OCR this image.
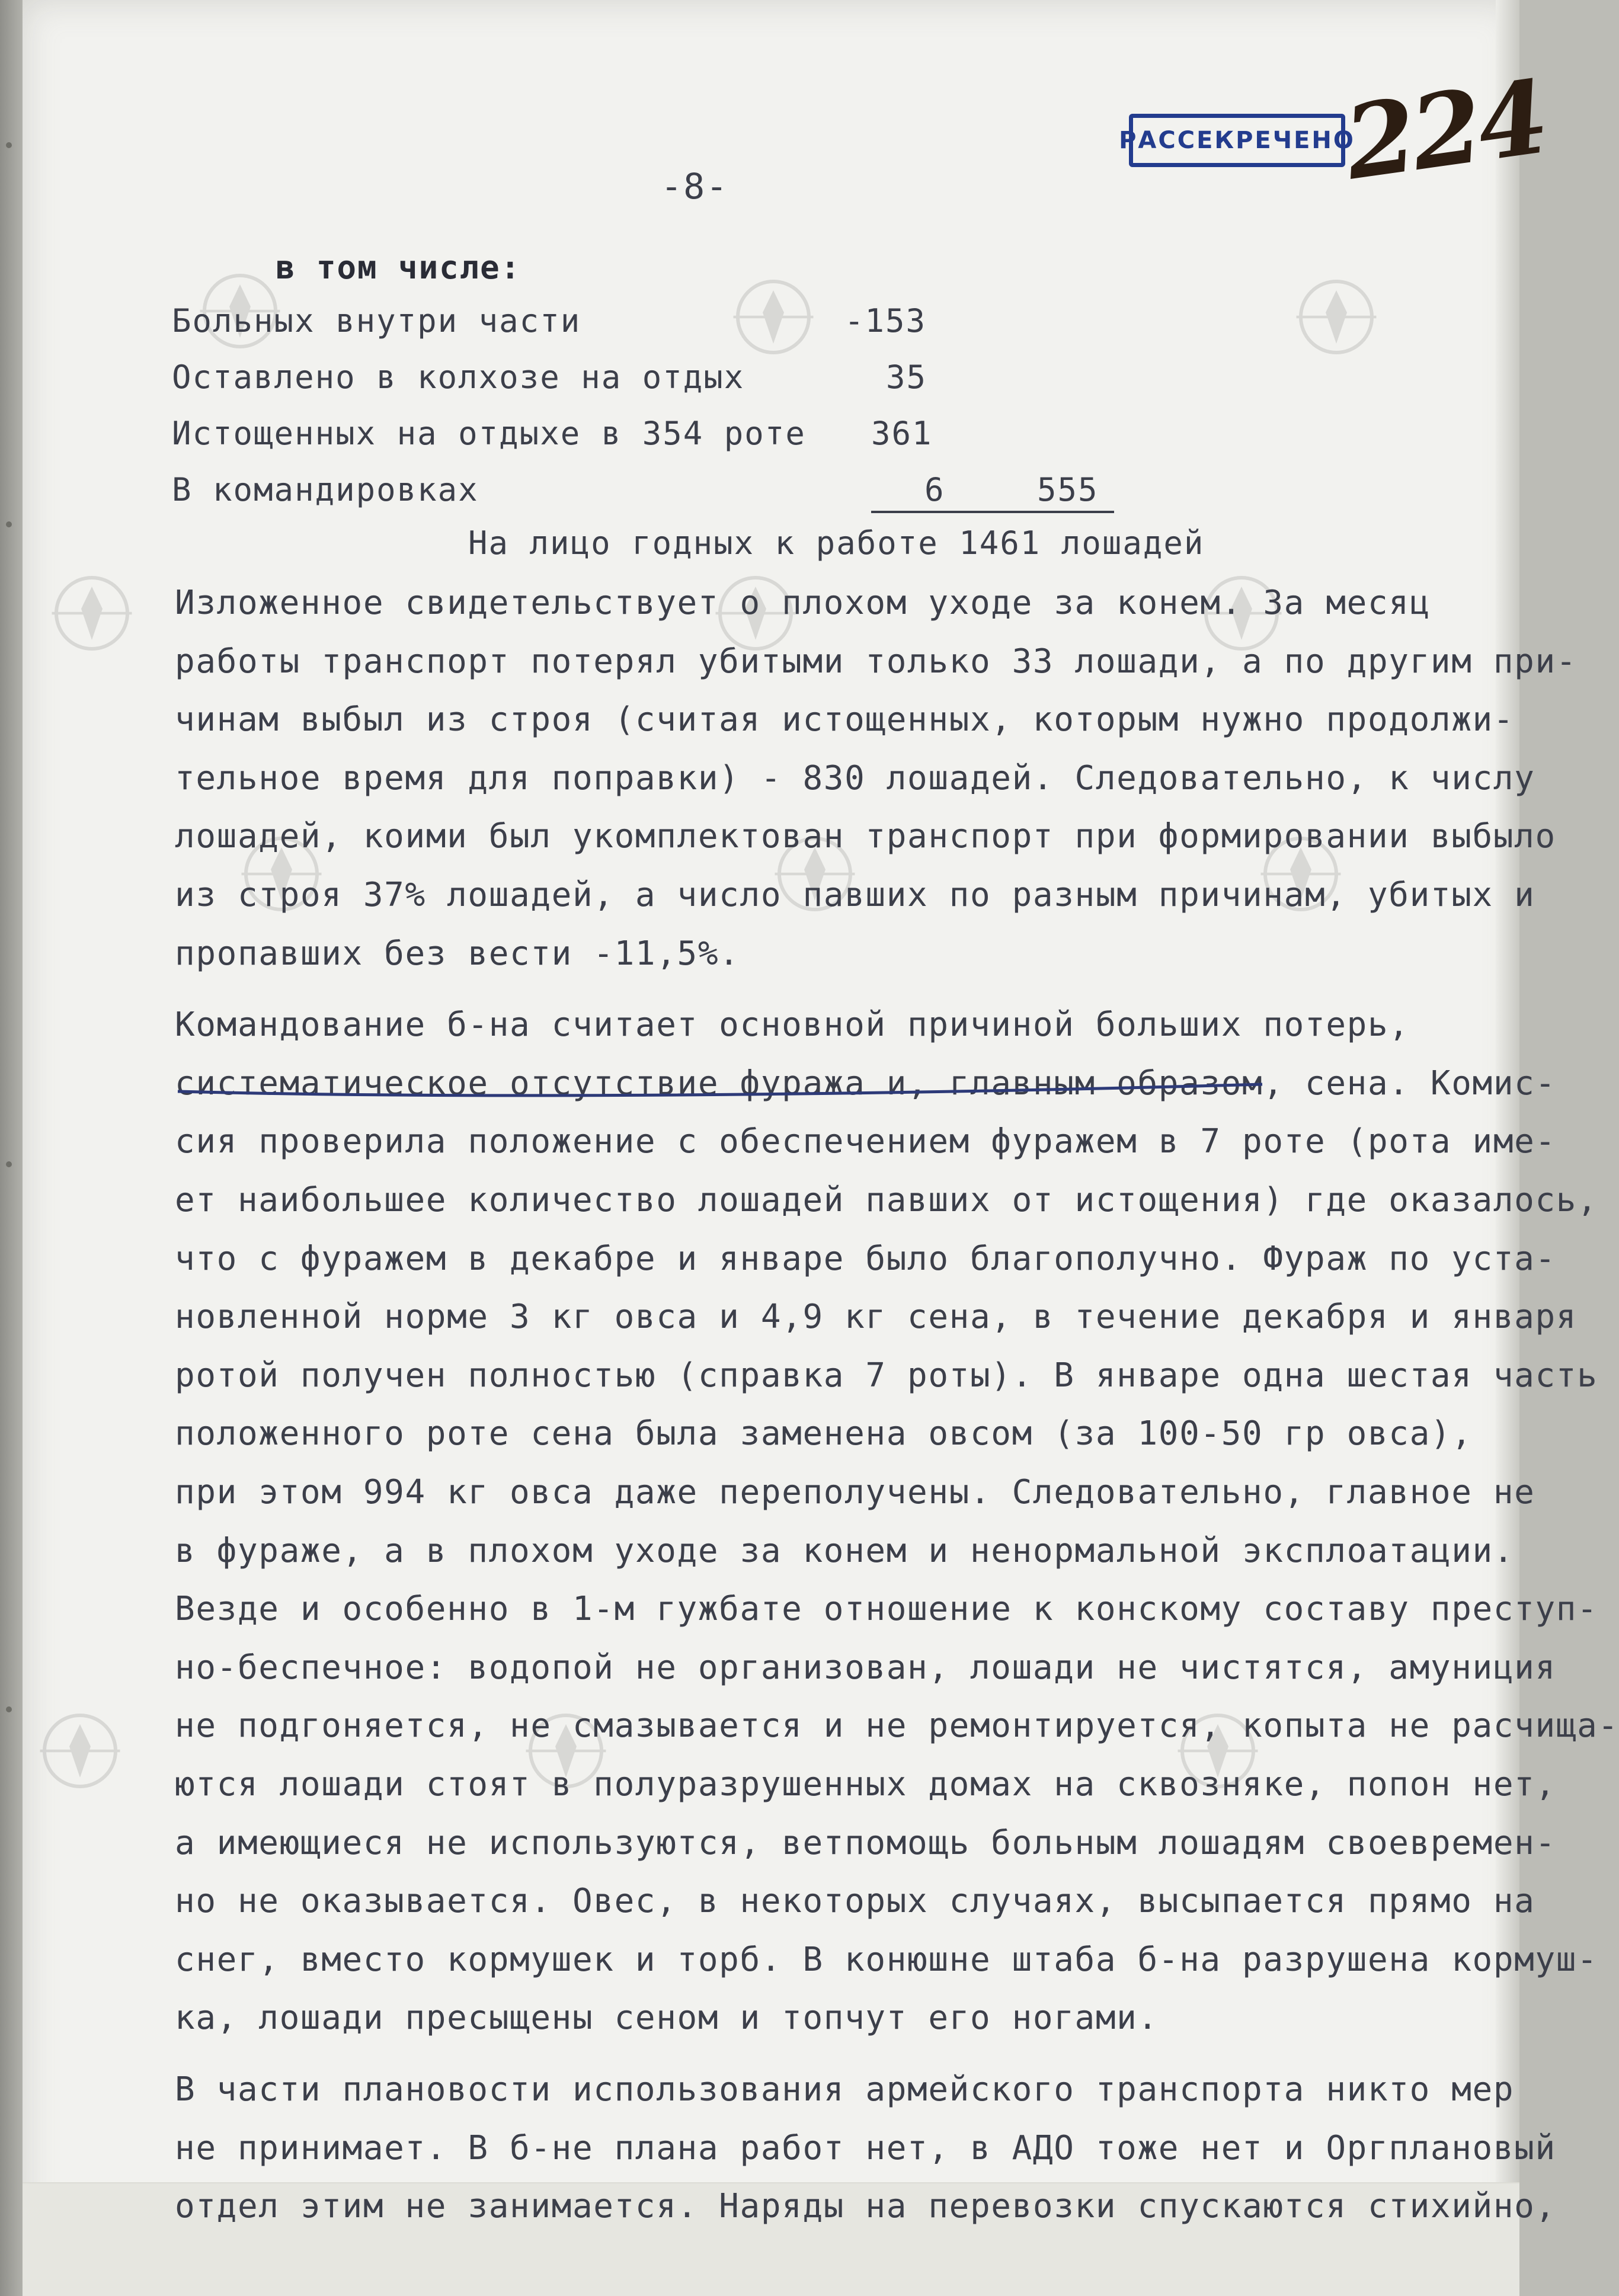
-8-
РАССЕКРЕЧЕНО
224
в том числе:
Больных внутри части	-153
Оставлено в колхозе на отдых	35
Истощенных на отдыхе в 354 роте 361
В командировках	6	555
На лицо годных к работе 1461 лошадей
Изложенное свидетельствует о плохом уходе за конем. За месяц
работы транспорт потерял убитыми только 33 лошади, а по другим при-
чинам выбыл из строя (считая истощенных, которым нужно продолжи-
тельное время для поправки) - 830 лошадей. Следовательно, к числу
лошадей, коими был укомплектован транспорт при формировании выбыло
из строя 37% лошадей, а число павших по разным причинам, убитых и
пропавших без вести -11,5%.
Командование б-на считает основной причиной больших потерь,
систематическое отсутствие фуража и, главным образом, сена. Комис-
сия проверила положение с обеспечением фуражем в 7 роте (рота име-
ет наибольшее количество лошадей павших от истощения) где оказалось,
что с фуражем в декабре и январе было благополучно. Фураж по уста-
новленной норме 3 кг овса и 4,9 кг сена, в течение декабря и января
ротой получен полностью (справка 7 роты). В январе одна шестая часть
положенного роте сена была заменена овсом (за 100-50 гр овса),
при этом 994 кг овса даже переполучены. Следовательно, главное не
в фураже, а в плохом уходе за конем и ненормальной эксплоатации.
Везде и особенно в 1-м гужбате отношение к конскому составу преступ-
но-беспечное: водопой не организован, лошади не чистятся, амуниция
не подгоняется, не смазывается и не ремонтируется, копыта не расчища-
ются лошади стоят в полуразрушенных домах на сквозняке, попон нет,
а имеющиеся не используются, ветпомощь больным лошадям своевремен-
но не оказывается. Овес, в некоторых случаях, высыпается прямо на
снег, вместо кормушек и торб. В конюшне штаба б-на разрушена кормуш-
ка, лошади пресыщены сеном и топчут его ногами.
В части плановости использования армейского транспорта никто мер
не принимает. В б-не плана работ нет, в АДО тоже нет и Оргплановый
отдел этим не занимается. Наряды на перевозки спускаются стихийно,
